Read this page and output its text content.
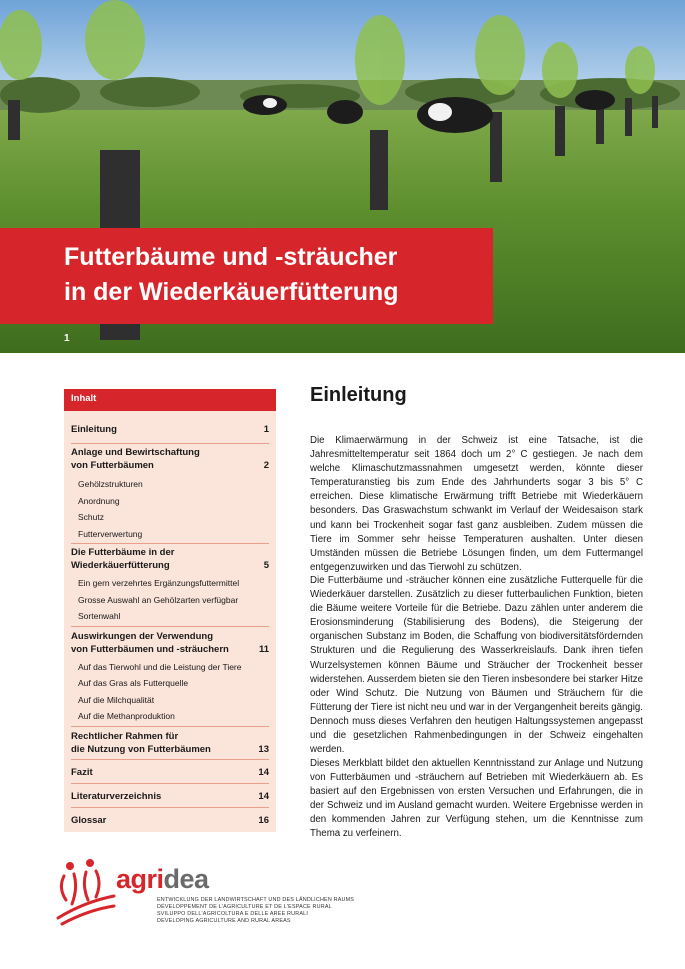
Futterbäume und -sträucher
in der Wiederkäuerfütterung
1
Inhalt
Einleitung	1
Anlage und Bewirtschaftung
von Futterbäumen	2
Gehölzstrukturen
Anordnung
Schutz
Futterverwertung
Die Futterbäume in der
Wiederkäuerfütterung	5
Ein gern verzehrtes Ergänzungsfuttermittel
Grosse Auswahl an Gehölzarten verfügbar
Sortenwahl
Auswirkungen der Verwendung
von Futterbäumen und -sträuchern	11
Auf das Tierwohl und die Leistung der Tiere
Auf das Gras als Futterquelle
Auf die Milchqualität
Auf die Methanproduktion
Rechtlicher Rahmen für
die Nutzung von Futterbäumen	13
Fazit	14
Literaturverzeichnis	14
Glossar	16
Einleitung

Die Klimaerwärmung in der Schweiz ist eine Tatsache, ist die Jahresmitteltemperatur seit 1864 doch um 2° C gestiegen. Je nach dem welche Klimaschutzmassnahmen umgesetzt werden, könnte dieser Temperaturanstieg bis zum Ende des Jahrhunderts sogar 3 bis 5° C erreichen. Diese klimatische Erwärmung trifft Betriebe mit Wiederkäuern besonders. Das Graswachstum schwankt im Verlauf der Weidesaison stark und kann bei Trockenheit sogar fast ganz ausbleiben. Zudem müssen die Tiere im Sommer sehr heisse Temperaturen aushalten. Unter diesen Umständen müssen die Betriebe Lösungen finden, um dem Futtermangel entgegenzuwirken und das Tierwohl zu schützen.

Die Futterbäume und -sträucher können eine zusätzliche Futterquelle für die Wiederkäuer darstellen. Zusätzlich zu dieser futterbaulichen Funktion, bieten die Bäume weitere Vorteile für die Betriebe. Dazu zählen unter anderem die Erosionsminderung (Stabilisierung des Bodens), die Steigerung der organischen Substanz im Boden, die Schaffung von biodiversitätsfördernden Strukturen und die Regulierung des Wasserkreislaufs. Dank ihren tiefen Wurzelsystemen können Bäume und Sträucher der Trockenheit besser widerstehen. Ausserdem bieten sie den Tieren insbesondere bei starker Hitze oder Wind Schutz. Die Nutzung von Bäumen und Sträuchern für die Fütterung der Tiere ist nicht neu und war in der Vergangenheit bereits gängig. Dennoch muss dieses Verfahren den heutigen Haltungssystemen angepasst und die gesetzlichen Rahmenbedingungen in der Schweiz eingehalten werden.

Dieses Merkblatt bildet den aktuellen Kenntnisstand zur Anlage und Nutzung von Futterbäumen und -sträuchern auf Betrieben mit Wiederkäuern ab. Es basiert auf den Ergebnissen von ersten Versuchen und Erfahrungen, die in der Schweiz und im Ausland gemacht wurden. Weitere Ergebnisse werden in den kommenden Jahren zur Verfügung stehen, um die Kenntnisse zum Thema zu verfeinern.

agridea
ENTWICKLUNG DER LANDWIRTSCHAFT UND DES LÄNDLICHEN RAUMS
DÉVELOPPEMENT DE L'AGRICULTURE ET DE L'ESPACE RURAL
SVILUPPO DELL'AGRICOLTURA E DELLE AREE RURALI
DEVELOPING AGRICULTURE AND RURAL AREAS
